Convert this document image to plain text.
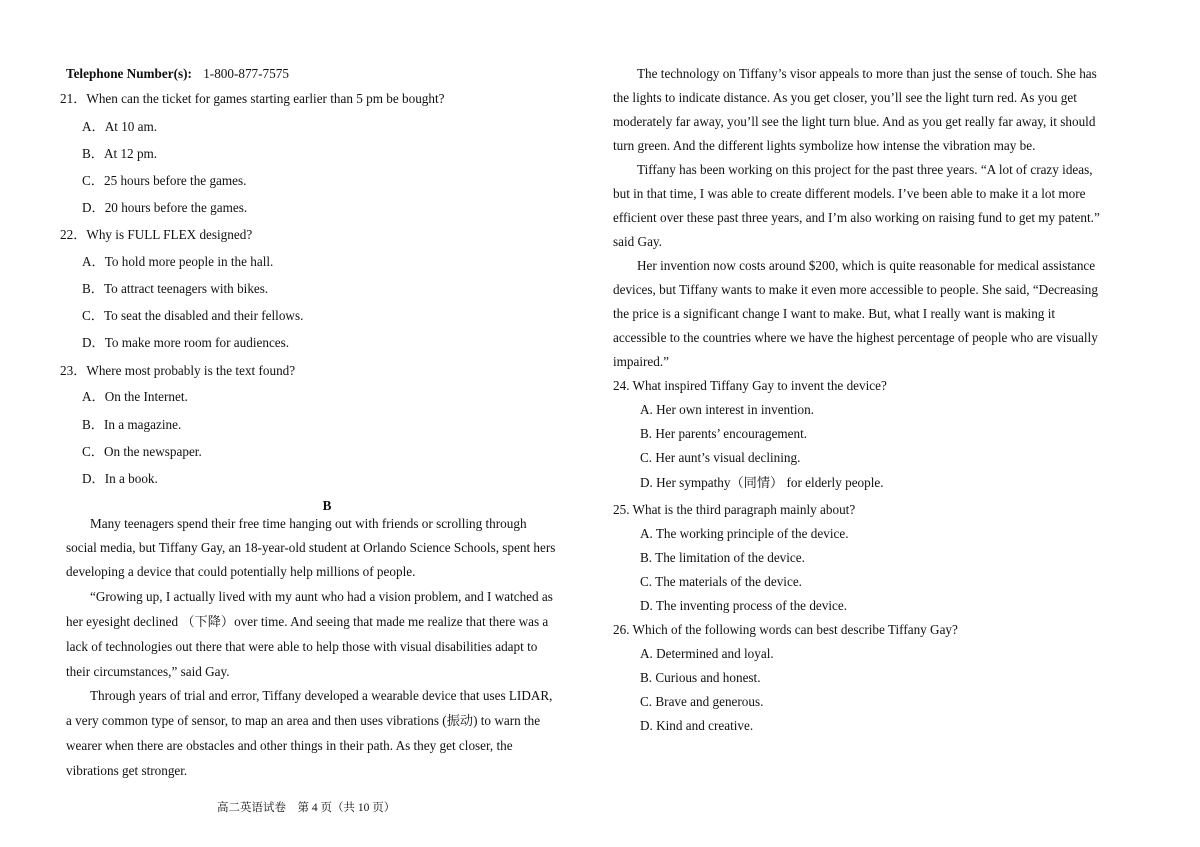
Telephone Number(s): 1-800-877-7575
21．When can the ticket for games starting earlier than 5 pm be bought?
A．At 10 am.
B．At 12 pm.
C．25 hours before the games.
D．20 hours before the games.
22．Why is FULL FLEX designed?
A．To hold more people in the hall.
B．To attract teenagers with bikes.
C．To seat the disabled and their fellows.
D．To make more room for audiences.
23．Where most probably is the text found?
A．On the Internet.
B．In a magazine.
C．On the newspaper.
D．In a book.
B
Many teenagers spend their free time hanging out with friends or scrolling through
social media, but Tiffany Gay, an 18-year-old student at Orlando Science Schools, spent hers
developing a device that could potentially help millions of people.
“Growing up, I actually lived with my aunt who had a vision problem, and I watched as
her eyesight declined （下降）over time. And seeing that made me realize that there was a
lack of technologies out there that were able to help those with visual disabilities adapt to
their circumstances,” said Gay.
Through years of trial and error, Tiffany developed a wearable device that uses LIDAR,
a very common type of sensor, to map an area and then uses vibrations (振动) to warn the
wearer when there are obstacles and other things in their path. As they get closer, the
vibrations get stronger.
The technology on Tiffany’s visor appeals to more than just the sense of touch. She has
the lights to indicate distance. As you get closer, you’ll see the light turn red. As you get
moderately far away, you’ll see the light turn blue. And as you get really far away, it should
turn green. And the different lights symbolize how intense the vibration may be.
Tiffany has been working on this project for the past three years. “A lot of crazy ideas,
but in that time, I was able to create different models. I’ve been able to make it a lot more
efficient over these past three years, and I’m also working on raising fund to get my patent.”
said Gay.
Her invention now costs around $200, which is quite reasonable for medical assistance
devices, but Tiffany wants to make it even more accessible to people. She said, “Decreasing
the price is a significant change I want to make. But, what I really want is making it
accessible to the countries where we have the highest percentage of people who are visually
impaired.”
24. What inspired Tiffany Gay to invent the device?
A. Her own interest in invention.
B. Her parents’ encouragement.
C. Her aunt’s visual declining.
D. Her sympathy（同情） for elderly people.
25. What is the third paragraph mainly about?
A. The working principle of the device.
B. The limitation of the device.
C. The materials of the device.
D. The inventing process of the device.
26. Which of the following words can best describe Tiffany Gay?
A. Determined and loyal.
B. Curious and honest.
C. Brave and generous.
D. Kind and creative.
高二英语试卷　第 4 页（共 10 页）
